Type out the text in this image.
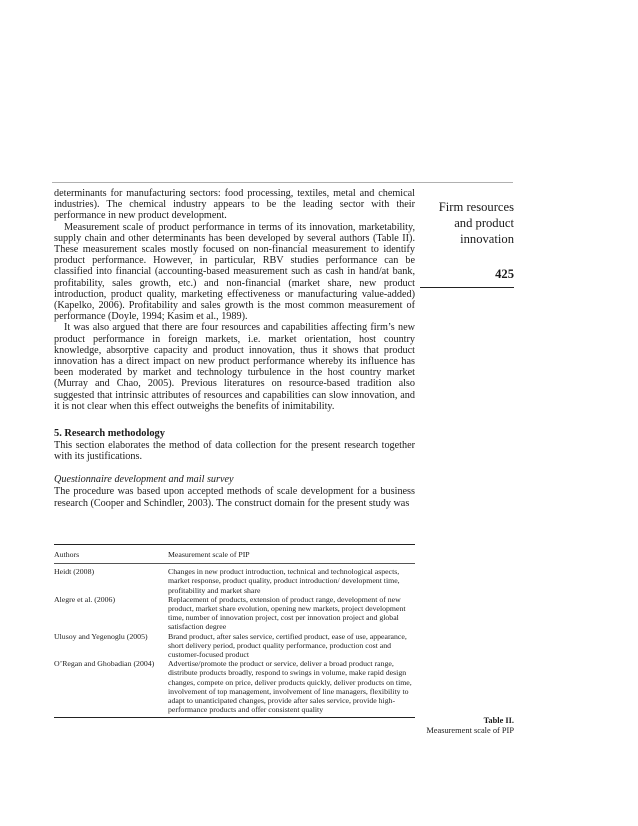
Firm resources and product innovation
425

determinants for manufacturing sectors: food processing, textiles, metal and chemical industries). The chemical industry appears to be the leading sector with their performance in new product development.

Measurement scale of product performance in terms of its innovation, marketability, supply chain and other determinants has been developed by several authors (Table II). These measurement scales mostly focused on non-financial measurement to identify product performance. However, in particular, RBV studies performance can be classified into financial (accounting-based measurement such as cash in hand/at bank, profitability, sales growth, etc.) and non-financial (market share, new product introduction, product quality, marketing effectiveness or manufacturing value-added) (Kapelko, 2006). Profitability and sales growth is the most common measurement of performance (Doyle, 1994; Kasim et al., 1989).

It was also argued that there are four resources and capabilities affecting firm’s new product performance in foreign markets, i.e. market orientation, host country knowledge, absorptive capacity and product innovation, thus it shows that product innovation has a direct impact on new product performance whereby its influence has been moderated by market and technology turbulence in the host country market (Murray and Chao, 2005). Previous literatures on resource-based tradition also suggested that intrinsic attributes of resources and capabilities can slow innovation, and it is not clear when this effect outweighs the benefits of inimitability.

5. Research methodology

This section elaborates the method of data collection for the present research together with its justifications.

Questionnaire development and mail survey

The procedure was based upon accepted methods of scale development for a business research (Cooper and Schindler, 2003). The construct domain for the present study was

Authors	Measurement scale of PIP
Heidt (2008)	Changes in new product introduction, technical and technological aspects, market response, product quality, product introduction/ development time, profitability and market share
Alegre et al. (2006)	Replacement of products, extension of product range, development of new product, market share evolution, opening new markets, project development time, number of innovation project, cost per innovation project and global satisfaction degree
Ulusoy and Yegenoglu (2005)	Brand product, after sales service, certified product, ease of use, appearance, short delivery period, product quality performance, production cost and customer-focused product
O’Regan and Ghobadian (2004)	Advertise/promote the product or service, deliver a broad product range, distribute products broadly, respond to swings in volume, make rapid design changes, compete on price, deliver products quickly, deliver products on time, involvement of top management, involvement of line managers, flexibility to adapt to unanticipated changes, provide after sales service, provide high-performance products and offer consistent quality
Table II.
Measurement scale of PIP
